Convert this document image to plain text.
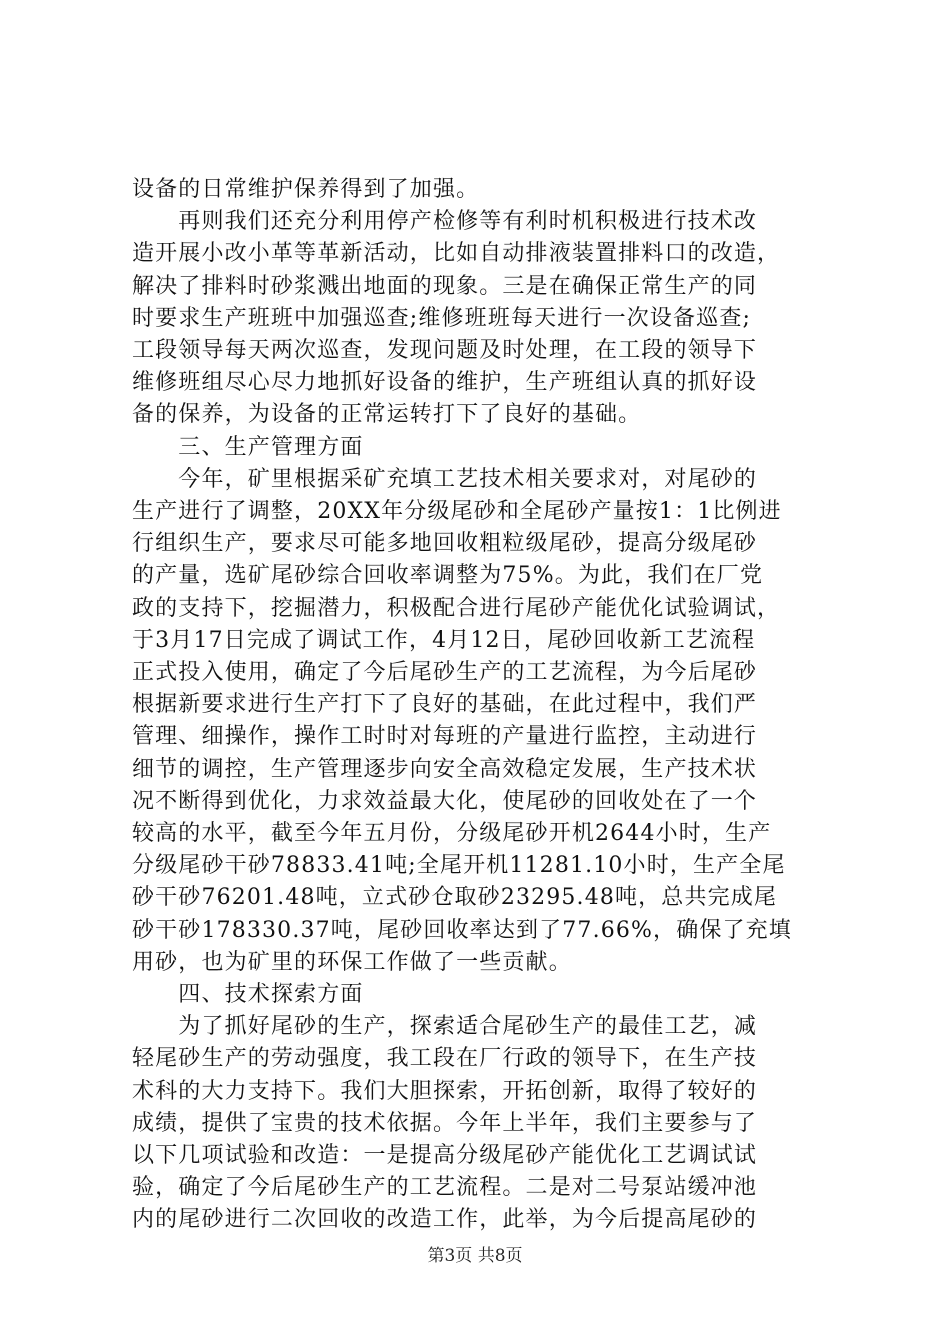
设备的日常维护保养得到了加强。
　　再则我们还充分利用停产检修等有利时机积极进行技术改
造开展小改小革等革新活动，比如自动排液装置排料口的改造，
解决了排料时砂浆溅出地面的现象。三是在确保正常生产的同
时要求生产班班中加强巡查;维修班班每天进行一次设备巡查;
工段领导每天两次巡查，发现问题及时处理，在工段的领导下
维修班组尽心尽力地抓好设备的维护，生产班组认真的抓好设
备的保养，为设备的正常运转打下了良好的基础。
　　三、生产管理方面
　　今年，矿里根据采矿充填工艺技术相关要求对，对尾砂的
生产进行了调整，20XX年分级尾砂和全尾砂产量按1：1比例进
行组织生产，要求尽可能多地回收粗粒级尾砂，提高分级尾砂
的产量，选矿尾砂综合回收率调整为75%。为此，我们在厂党
政的支持下，挖掘潜力，积极配合进行尾砂产能优化试验调试，
于3月17日完成了调试工作，4月12日，尾砂回收新工艺流程
正式投入使用，确定了今后尾砂生产的工艺流程，为今后尾砂
根据新要求进行生产打下了良好的基础，在此过程中，我们严
管理、细操作，操作工时时对每班的产量进行监控，主动进行
细节的调控，生产管理逐步向安全高效稳定发展，生产技术状
况不断得到优化，力求效益最大化，使尾砂的回收处在了一个
较高的水平，截至今年五月份，分级尾砂开机2644小时，生产
分级尾砂干砂78833.41吨;全尾开机11281.10小时，生产全尾
砂干砂76201.48吨，立式砂仓取砂23295.48吨，总共完成尾
砂干砂178330.37吨，尾砂回收率达到了77.66%，确保了充填
用砂，也为矿里的环保工作做了一些贡献。
　　四、技术探索方面
　　为了抓好尾砂的生产，探索适合尾砂生产的最佳工艺，减
轻尾砂生产的劳动强度，我工段在厂行政的领导下，在生产技
术科的大力支持下。我们大胆探索，开拓创新，取得了较好的
成绩，提供了宝贵的技术依据。今年上半年，我们主要参与了
以下几项试验和改造：一是提高分级尾砂产能优化工艺调试试
验，确定了今后尾砂生产的工艺流程。二是对二号泵站缓冲池
内的尾砂进行二次回收的改造工作，此举，为今后提高尾砂的
第3页 共8页
